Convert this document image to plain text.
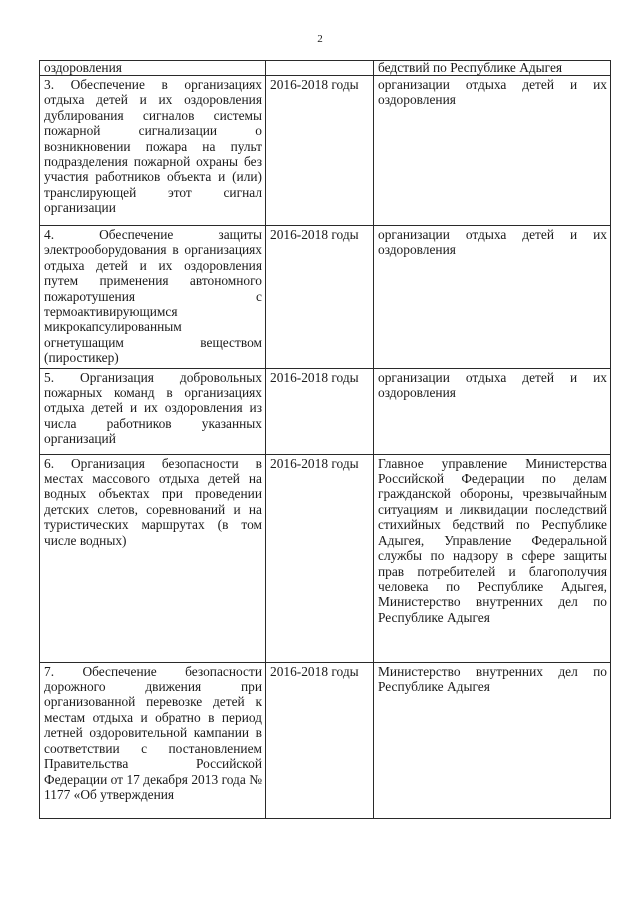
2
оздоровления		бедствий по Республике Адыгея
3. Обеспечение в организациях отдыха детей и их оздоровления дублирования сигналов системы пожарной сигнализации о возникновении пожара на пульт подразделения пожарной охраны без участия работников объекта и (или) транслирующей этот сигнал организации	2016-2018 годы	организации отдыха детей и их оздоровления
4. Обеспечение защиты электрооборудования в организациях отдыха детей и их оздоровления путем применения автономного пожаротушения с термоактивирующимся микрокапсулированным огнетушащим веществом (пиростикер)	2016-2018 годы	организации отдыха детей и их оздоровления
5. Организация добровольных пожарных команд в организациях отдыха детей и их оздоровления из числа работников указанных организаций	2016-2018 годы	организации отдыха детей и их оздоровления
6. Организация безопасности в местах массового отдыха детей на водных объектах при проведении детских слетов, соревнований и на туристических маршрутах (в том числе водных)	2016-2018 годы	Главное управление Министерства Российской Федерации по делам гражданской обороны, чрезвычайным ситуациям и ликвидации последствий стихийных бедствий по Республике Адыгея, Управление Федеральной службы по надзору в сфере защиты прав потребителей и благополучия человека по Республике Адыгея, Министерство внутренних дел по Республике Адыгея
7. Обеспечение безопасности дорожного движения при организованной перевозке детей к местам отдыха и обратно в период летней оздоровительной кампании в соответствии с постановлением Правительства Российской Федерации от 17 декабря 2013 года № 1177 «Об утверждения	2016-2018 годы	Министерство внутренних дел по Республике Адыгея
